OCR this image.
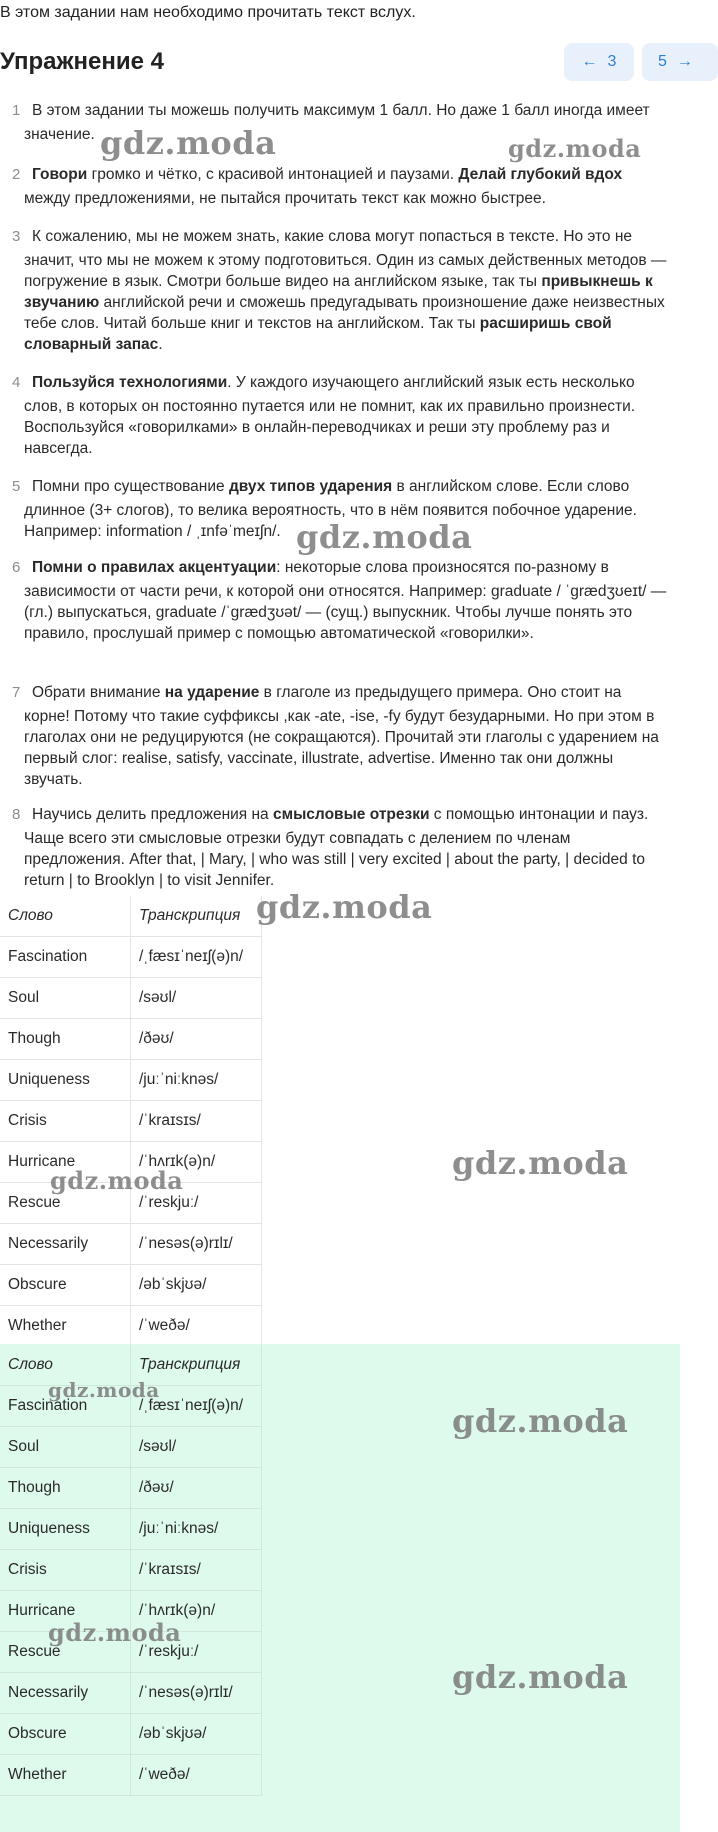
В этом задании нам необходимо прочитать текст вслух.
Упражнение 4	← 3	5 →
1 В этом задании ты можешь получить максимум 1 балл. Но даже 1 балл иногда имеет
значение.
2 Говори громко и чётко, с красивой интонацией и паузами. Делай глубокий вдох
между предложениями, не пытайся прочитать текст как можно быстрее.
3 К сожалению, мы не можем знать, какие слова могут попасться в тексте. Но это не
значит, что мы не можем к этому подготовиться. Один из самых действенных методов — погружение в язык. Смотри больше видео на английском языке, так ты привыкнешь к звучанию английской речи и сможешь предугадывать произношение даже неизвестных тебе слов. Читай больше книг и текстов на английском. Так ты расширишь свой словарный запас.
4 Пользуйся технологиями. У каждого изучающего английский язык есть несколько
слов, в которых он постоянно путается или не помнит, как их правильно произнести. Воспользуйся «говорилками» в онлайн-переводчиках и реши эту проблему раз и навсегда.
5 Помни про существование двух типов ударения в английском слове. Если слово
длинное (3+ слогов), то велика вероятность, что в нём появится побочное ударение. Например: information / ˌɪnfəˈmeɪʃn/.
6 Помни о правилах акцентуации: некоторые слова произносятся по-разному в
зависимости от части речи, к которой они относятся. Например: graduate / ˈɡrædʒʊeɪt/ — (гл.) выпускаться, graduate /ˈɡrædʒʊət/ — (сущ.) выпускник. Чтобы лучше понять это правило, прослушай пример с помощью автоматической «говорилки».
7 Обрати внимание на ударение в глаголе из предыдущего примера. Оно стоит на
корне! Потому что такие суффиксы ,как -ate, -ise, -fy будут безударными. Но при этом в глаголах они не редуцируются (не сокращаются). Прочитай эти глаголы с ударением на первый слог: realise, satisfy, vaccinate, illustrate, advertise. Именно так они должны звучать.
8 Научись делить предложения на смысловые отрезки с помощью интонации и пауз.
Чаще всего эти смысловые отрезки будут совпадать с делением по членам предложения. After that, | Mary, | who was still | very excited | about the party, | decided to return | to Brooklyn | to visit Jennifer.
Слово	Транскрипция
Fascination	/ˌfæsɪˈneɪʃ(ə)n/
Soul	/səʊl/
Though	/ðəʊ/
Uniqueness	/juːˈniːknəs/
Crisis	/ˈkraɪsɪs/
Hurricane	/ˈhʌrɪk(ə)n/
Rescue	/ˈreskjuː/
Necessarily	/ˈnesəs(ə)rɪlɪ/
Obscure	/əbˈskjʊə/
Whether	/ˈweðə/
Слово	Транскрипция
Fascination	/ˌfæsɪˈneɪʃ(ə)n/
Soul	/səʊl/
Though	/ðəʊ/
Uniqueness	/juːˈniːknəs/
Crisis	/ˈkraɪsɪs/
Hurricane	/ˈhʌrɪk(ə)n/
Rescue	/ˈreskjuː/
Necessarily	/ˈnesəs(ə)rɪlɪ/
Obscure	/əbˈskjʊə/
Whether	/ˈweðə/
gdz.moda	gdz.moda
gdz.moda
gdz.moda
gdz.moda	gdz.moda
gdz.moda
gdz.moda
gdz.moda
gdz.moda
